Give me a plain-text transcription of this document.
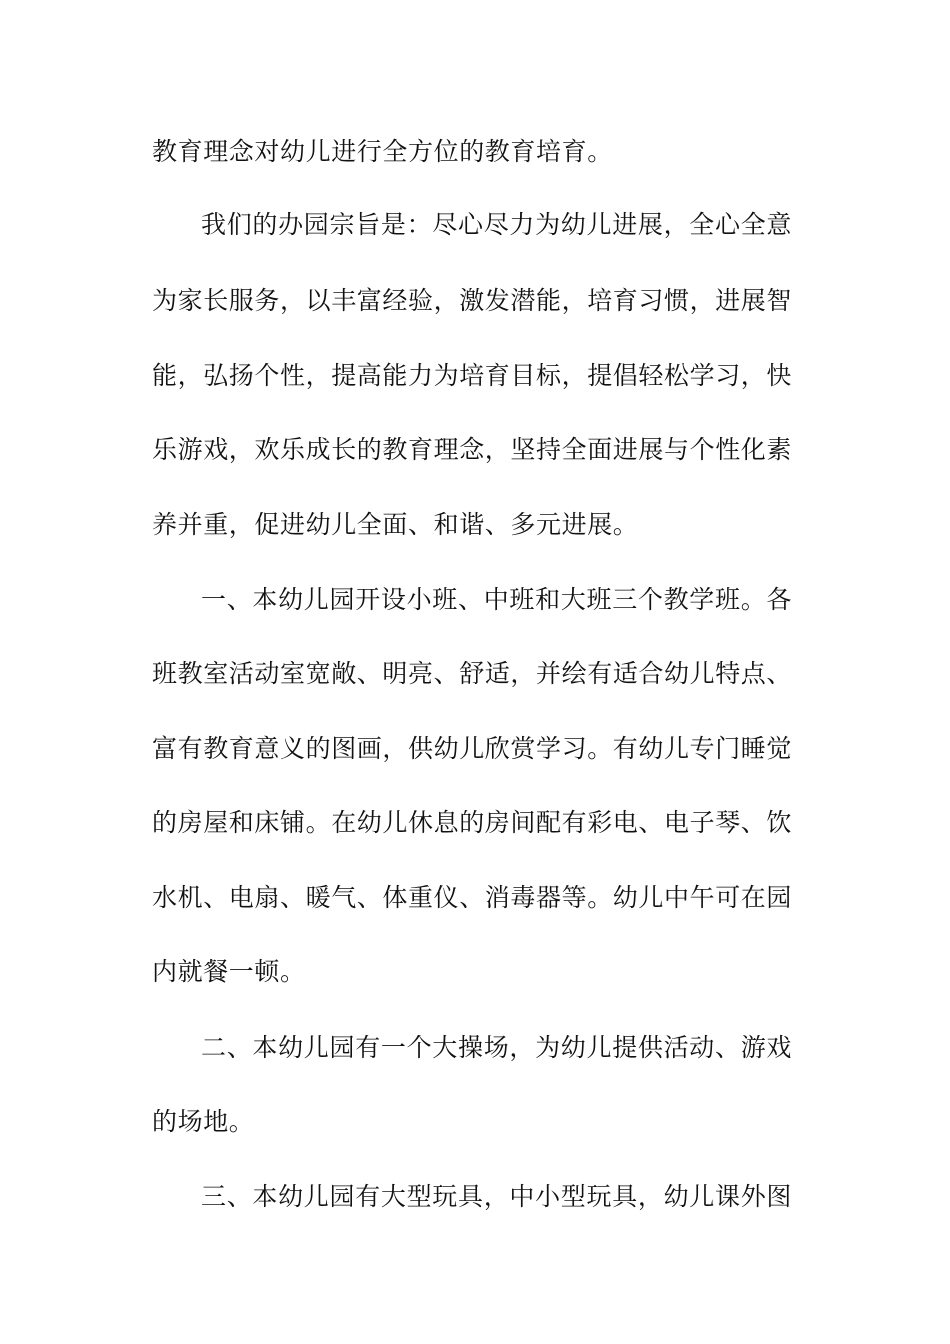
教育理念对幼儿进行全方位的教育培育。
我们的办园宗旨是：尽心尽力为幼儿进展，全心全意
为家长服务，以丰富经验，激发潜能，培育习惯，进展智
能，弘扬个性，提高能力为培育目标，提倡轻松学习，快
乐游戏，欢乐成长的教育理念，坚持全面进展与个性化素
养并重，促进幼儿全面、和谐、多元进展。
一、本幼儿园开设小班、中班和大班三个教学班。各
班教室活动室宽敞、明亮、舒适，并绘有适合幼儿特点、
富有教育意义的图画，供幼儿欣赏学习。有幼儿专门睡觉
的房屋和床铺。在幼儿休息的房间配有彩电、电子琴、饮
水机、电扇、暖气、体重仪、消毒器等。幼儿中午可在园
内就餐一顿。
二、本幼儿园有一个大操场，为幼儿提供活动、游戏
的场地。
三、本幼儿园有大型玩具，中小型玩具，幼儿课外图
